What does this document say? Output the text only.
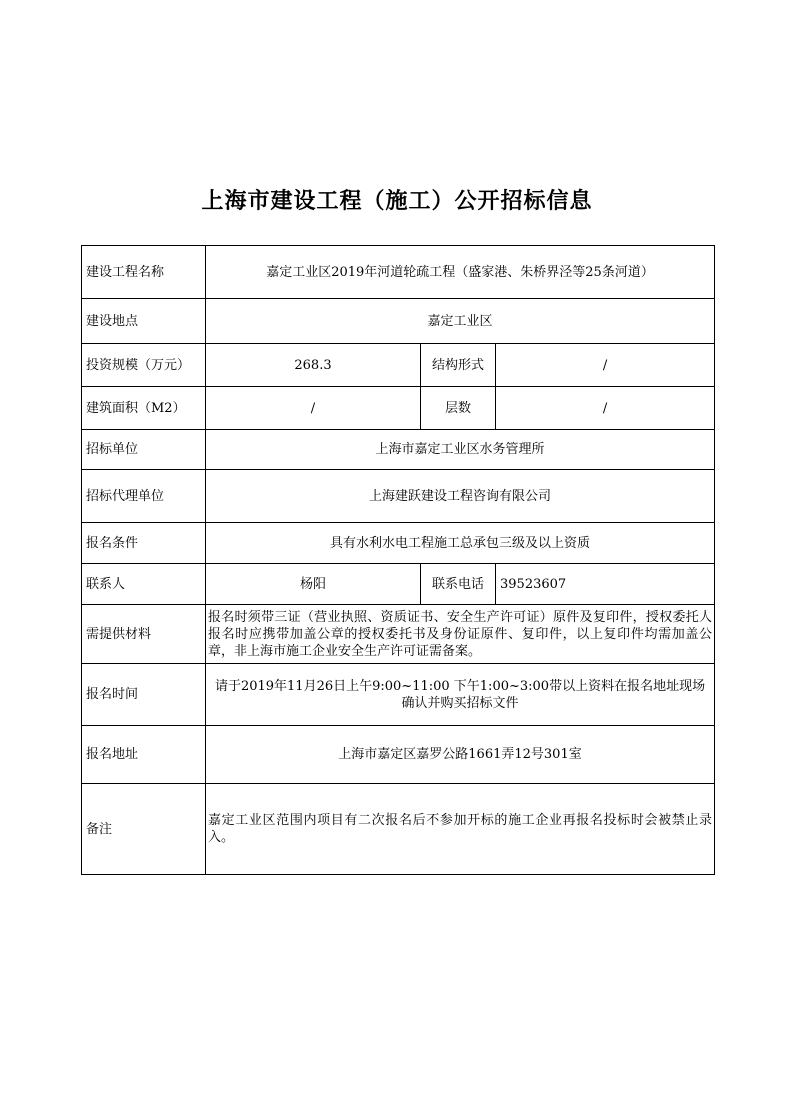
上海市建设工程（施工）公开招标信息
建设工程名称	嘉定工业区2019年河道轮疏工程（盛家港、朱桥界泾等25条河道）		
建设地点	嘉定工业区		
投资规模（万元）	268.3	结构形式	/
建筑面积（M2）	/	层数	/
招标单位	上海市嘉定工业区水务管理所		
招标代理单位	上海建跃建设工程咨询有限公司		
报名条件	具有水利水电工程施工总承包三级及以上资质		
联系人	杨阳	联系电话	39523607
需提供材料	报名时须带三证（营业执照、资质证书、安全生产许可证）原件及复印件，授权委托人报名时应携带加盖公章的授权委托书及身份证原件、复印件，以上复印件均需加盖公章，非上海市施工企业安全生产许可证需备案。		
报名时间	请于2019年11月26日上午9:00~11:00 下午1:00~3:00带以上资料在报名地址现场确认并购买招标文件		
报名地址	上海市嘉定区嘉罗公路1661弄12号301室		
备注	嘉定工业区范围内项目有二次报名后不参加开标的施工企业再报名投标时会被禁止录入。		
